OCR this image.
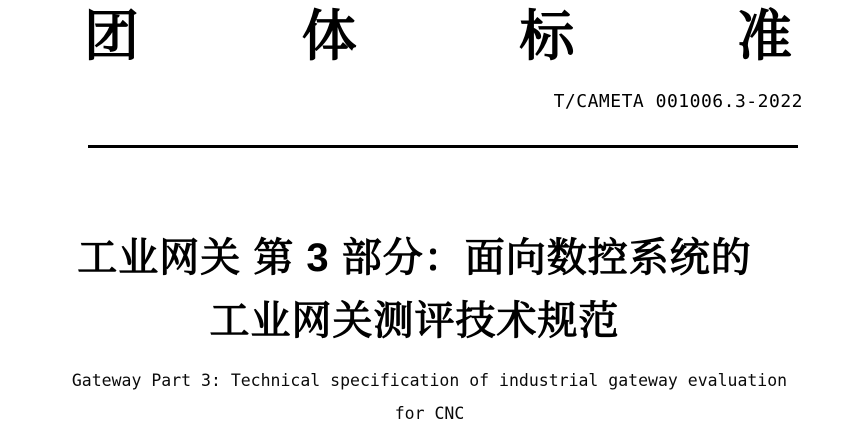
团	体	标	准
T/CAMETA 001006.3-2022
工业网关 第 3 部分：面向数控系统的
工业网关测评技术规范
Gateway Part 3: Technical specification of industrial gateway evaluation
for CNC
